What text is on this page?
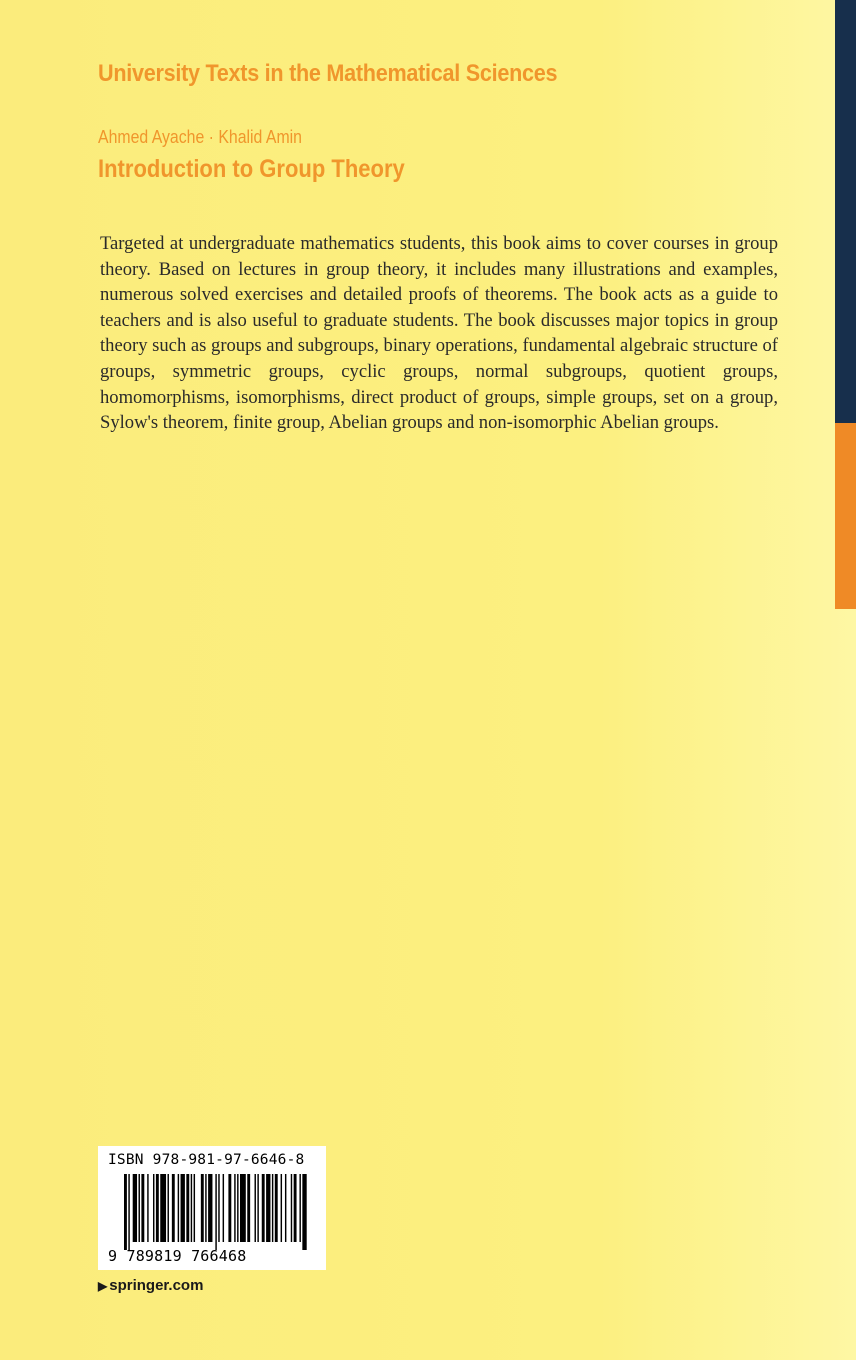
University Texts in the Mathematical Sciences
Ahmed Ayache · Khalid Amin
Introduction to Group Theory

Targeted at undergraduate mathematics students, this book aims to cover courses in group theory. Based on lectures in group theory, it includes many illustrations and examples, numerous solved exercises and detailed proofs of theorems. The book acts as a guide to teachers and is also useful to graduate students. The book discusses major topics in group theory such as groups and subgroups, binary operations, fundamental algebraic structure of groups, symmetric groups, cyclic groups, normal subgroups, quotient groups, homomorphisms, isomorphisms, direct product of groups, simple groups, set on a group, Sylow's theorem, finite group, Abelian groups and non-isomorphic Abelian groups.

ISBN 978-981-97-6646-8
9 789819 766468
▶ springer.com
